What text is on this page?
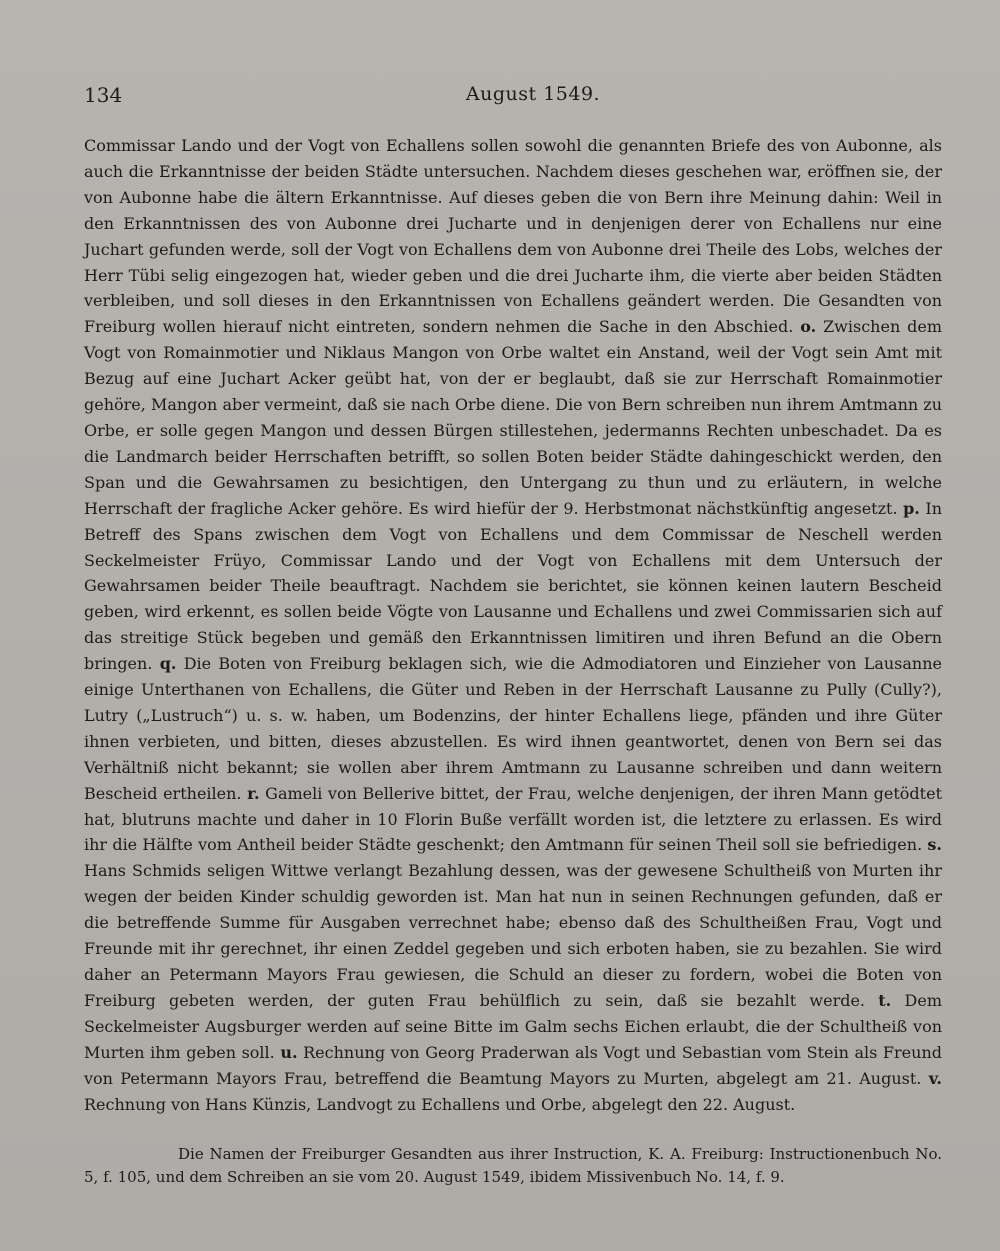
134	August 1549.

Commissar Lando und der Vogt von Echallens sollen sowohl die genannten Briefe des von Aubonne, als auch die Erkanntnisse der beiden Städte untersuchen. Nachdem dieses geschehen war, eröffnen sie, der von Aubonne habe die ältern Erkanntnisse. Auf dieses geben die von Bern ihre Meinung dahin: Weil in den Erkanntnissen des von Aubonne drei Jucharte und in denjenigen derer von Echallens nur eine Juchart gefunden werde, soll der Vogt von Echallens dem von Aubonne drei Theile des Lobs, welches der Herr Tübi selig eingezogen hat, wieder geben und die drei Jucharte ihm, die vierte aber beiden Städten verbleiben, und soll dieses in den Erkanntnissen von Echallens geändert werden. Die Gesandten von Freiburg wollen hierauf nicht eintreten, sondern nehmen die Sache in den Abschied. o. Zwischen dem Vogt von Romainmotier und Niklaus Mangon von Orbe waltet ein Anstand, weil der Vogt sein Amt mit Bezug auf eine Juchart Acker geübt hat, von der er beglaubt, daß sie zur Herrschaft Romainmotier gehöre, Mangon aber vermeint, daß sie nach Orbe diene. Die von Bern schreiben nun ihrem Amtmann zu Orbe, er solle gegen Mangon und dessen Bürgen stillestehen, jedermanns Rechten unbeschadet. Da es die Landmarch beider Herrschaften betrifft, so sollen Boten beider Städte dahingeschickt werden, den Span und die Gewahrsamen zu besichtigen, den Untergang zu thun und zu erläutern, in welche Herrschaft der fragliche Acker gehöre. Es wird hiefür der 9. Herbstmonat nächstkünftig angesetzt. p. In Betreff des Spans zwischen dem Vogt von Echallens und dem Commissar de Neschell werden Seckelmeister Früyo, Commissar Lando und der Vogt von Echallens mit dem Untersuch der Gewahrsamen beider Theile beauftragt. Nachdem sie berichtet, sie können keinen lautern Bescheid geben, wird erkennt, es sollen beide Vögte von Lausanne und Echallens und zwei Commissarien sich auf das streitige Stück begeben und gemäß den Erkanntnissen limitiren und ihren Befund an die Obern bringen. q. Die Boten von Freiburg beklagen sich, wie die Admodiatoren und Einzieher von Lausanne einige Unterthanen von Echallens, die Güter und Reben in der Herrschaft Lausanne zu Pully (Cully?), Lutry („Lustruch“) u. s. w. haben, um Bodenzins, der hinter Echallens liege, pfänden und ihre Güter ihnen verbieten, und bitten, dieses abzustellen. Es wird ihnen geantwortet, denen von Bern sei das Verhältniß nicht bekannt; sie wollen aber ihrem Amtmann zu Lausanne schreiben und dann weitern Bescheid ertheilen. r. Gameli von Bellerive bittet, der Frau, welche denjenigen, der ihren Mann getödtet hat, blutruns machte und daher in 10 Florin Buße verfällt worden ist, die letztere zu erlassen. Es wird ihr die Hälfte vom Antheil beider Städte geschenkt; den Amtmann für seinen Theil soll sie befriedigen. s. Hans Schmids seligen Wittwe verlangt Bezahlung dessen, was der gewesene Schultheiß von Murten ihr wegen der beiden Kinder schuldig geworden ist. Man hat nun in seinen Rechnungen gefunden, daß er die betreffende Summe für Ausgaben verrechnet habe; ebenso daß des Schultheißen Frau, Vogt und Freunde mit ihr gerechnet, ihr einen Zeddel gegeben und sich erboten haben, sie zu bezahlen. Sie wird daher an Petermann Mayors Frau gewiesen, die Schuld an dieser zu fordern, wobei die Boten von Freiburg gebeten werden, der guten Frau behülflich zu sein, daß sie bezahlt werde. t. Dem Seckelmeister Augsburger werden auf seine Bitte im Galm sechs Eichen erlaubt, die der Schultheiß von Murten ihm geben soll. u. Rechnung von Georg Praderwan als Vogt und Sebastian vom Stein als Freund von Petermann Mayors Frau, betreffend die Beamtung Mayors zu Murten, abgelegt am 21. August. v. Rechnung von Hans Künzis, Landvogt zu Echallens und Orbe, abgelegt den 22. August.

Die Namen der Freiburger Gesandten aus ihrer Instruction, K. A. Freiburg: Instructionenbuch No. 5, f. 105, und dem Schreiben an sie vom 20. August 1549, ibidem Missivenbuch No. 14, f. 9.
